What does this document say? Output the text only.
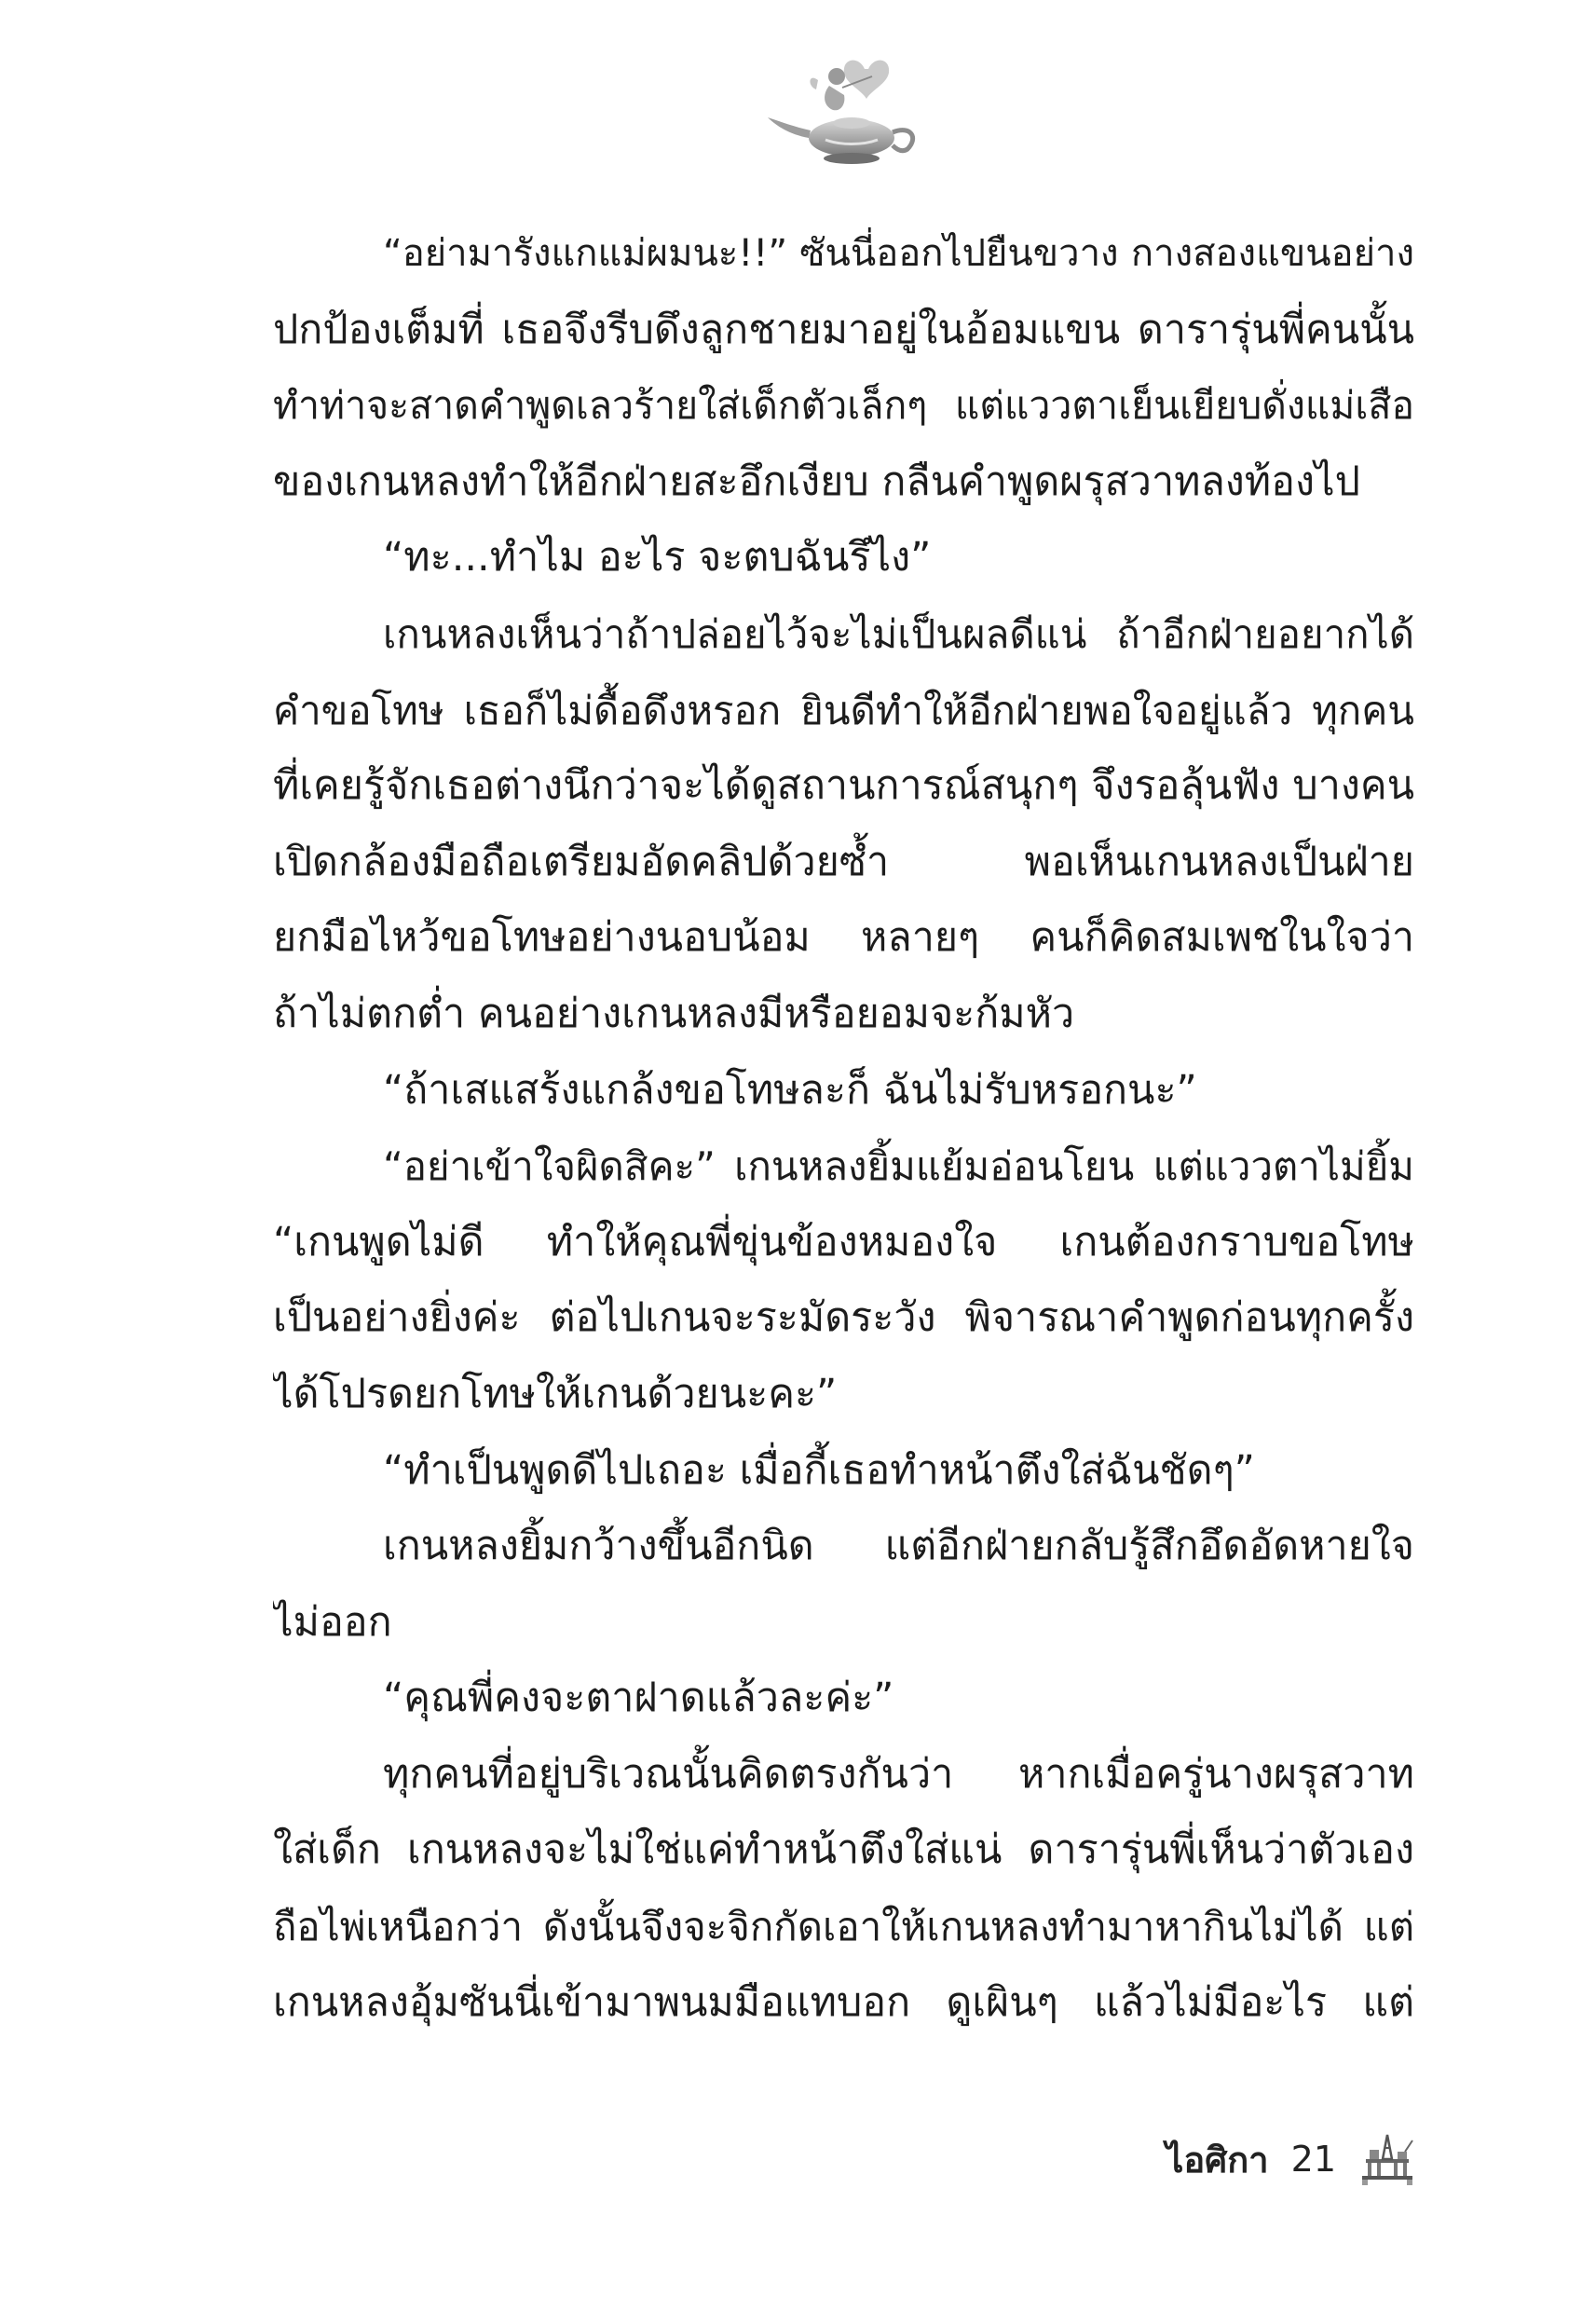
“อย่ามารังแกแม่ผมนะ!!” ซันนี่ออกไปยืนขวาง กางสองแขนอย่าง
ปกป้องเต็มที่ เธอจึงรีบดึงลูกชายมาอยู่ในอ้อมแขน ดารารุ่นพี่คนนั้น
ทำท่าจะสาดคำพูดเลวร้ายใส่เด็กตัวเล็กๆ แต่แววตาเย็นเยียบดั่งแม่เสือ
ของเกนหลงทำให้อีกฝ่ายสะอึกเงียบ กลืนคำพูดผรุสวาทลงท้องไป
“ทะ...ทำไม อะไร จะตบฉันรึไง”
เกนหลงเห็นว่าถ้าปล่อยไว้จะไม่เป็นผลดีแน่ ถ้าอีกฝ่ายอยากได้
คำขอโทษ เธอก็ไม่ดื้อดึงหรอก ยินดีทำให้อีกฝ่ายพอใจอยู่แล้ว ทุกคน
ที่เคยรู้จักเธอต่างนึกว่าจะได้ดูสถานการณ์สนุกๆ จึงรอลุ้นฟัง บางคน
เปิดกล้องมือถือเตรียมอัดคลิปด้วยซ้ำ พอเห็นเกนหลงเป็นฝ่าย
ยกมือไหว้ขอโทษอย่างนอบน้อม หลายๆ คนก็คิดสมเพชในใจว่า
ถ้าไม่ตกต่ำ คนอย่างเกนหลงมีหรือยอมจะก้มหัว
“ถ้าเสแสร้งแกล้งขอโทษละก็ ฉันไม่รับหรอกนะ”
“อย่าเข้าใจผิดสิคะ” เกนหลงยิ้มแย้มอ่อนโยน แต่แววตาไม่ยิ้ม
“เกนพูดไม่ดี ทำให้คุณพี่ขุ่นข้องหมองใจ เกนต้องกราบขอโทษ
เป็นอย่างยิ่งค่ะ ต่อไปเกนจะระมัดระวัง พิจารณาคำพูดก่อนทุกครั้ง
ได้โปรดยกโทษให้เกนด้วยนะคะ”
“ทำเป็นพูดดีไปเถอะ เมื่อกี้เธอทำหน้าตึงใส่ฉันชัดๆ”
เกนหลงยิ้มกว้างขึ้นอีกนิด แต่อีกฝ่ายกลับรู้สึกอึดอัดหายใจ
ไม่ออก
“คุณพี่คงจะตาฝาดแล้วละค่ะ”
ทุกคนที่อยู่บริเวณนั้นคิดตรงกันว่า หากเมื่อครู่นางผรุสวาท
ใส่เด็ก เกนหลงจะไม่ใช่แค่ทำหน้าตึงใส่แน่ ดารารุ่นพี่เห็นว่าตัวเอง
ถือไพ่เหนือกว่า ดังนั้นจึงจะจิกกัดเอาให้เกนหลงทำมาหากินไม่ได้ แต่
เกนหลงอุ้มซันนี่เข้ามาพนมมือแทบอก ดูเผินๆ แล้วไม่มีอะไร แต่
ไอศิกา 21
